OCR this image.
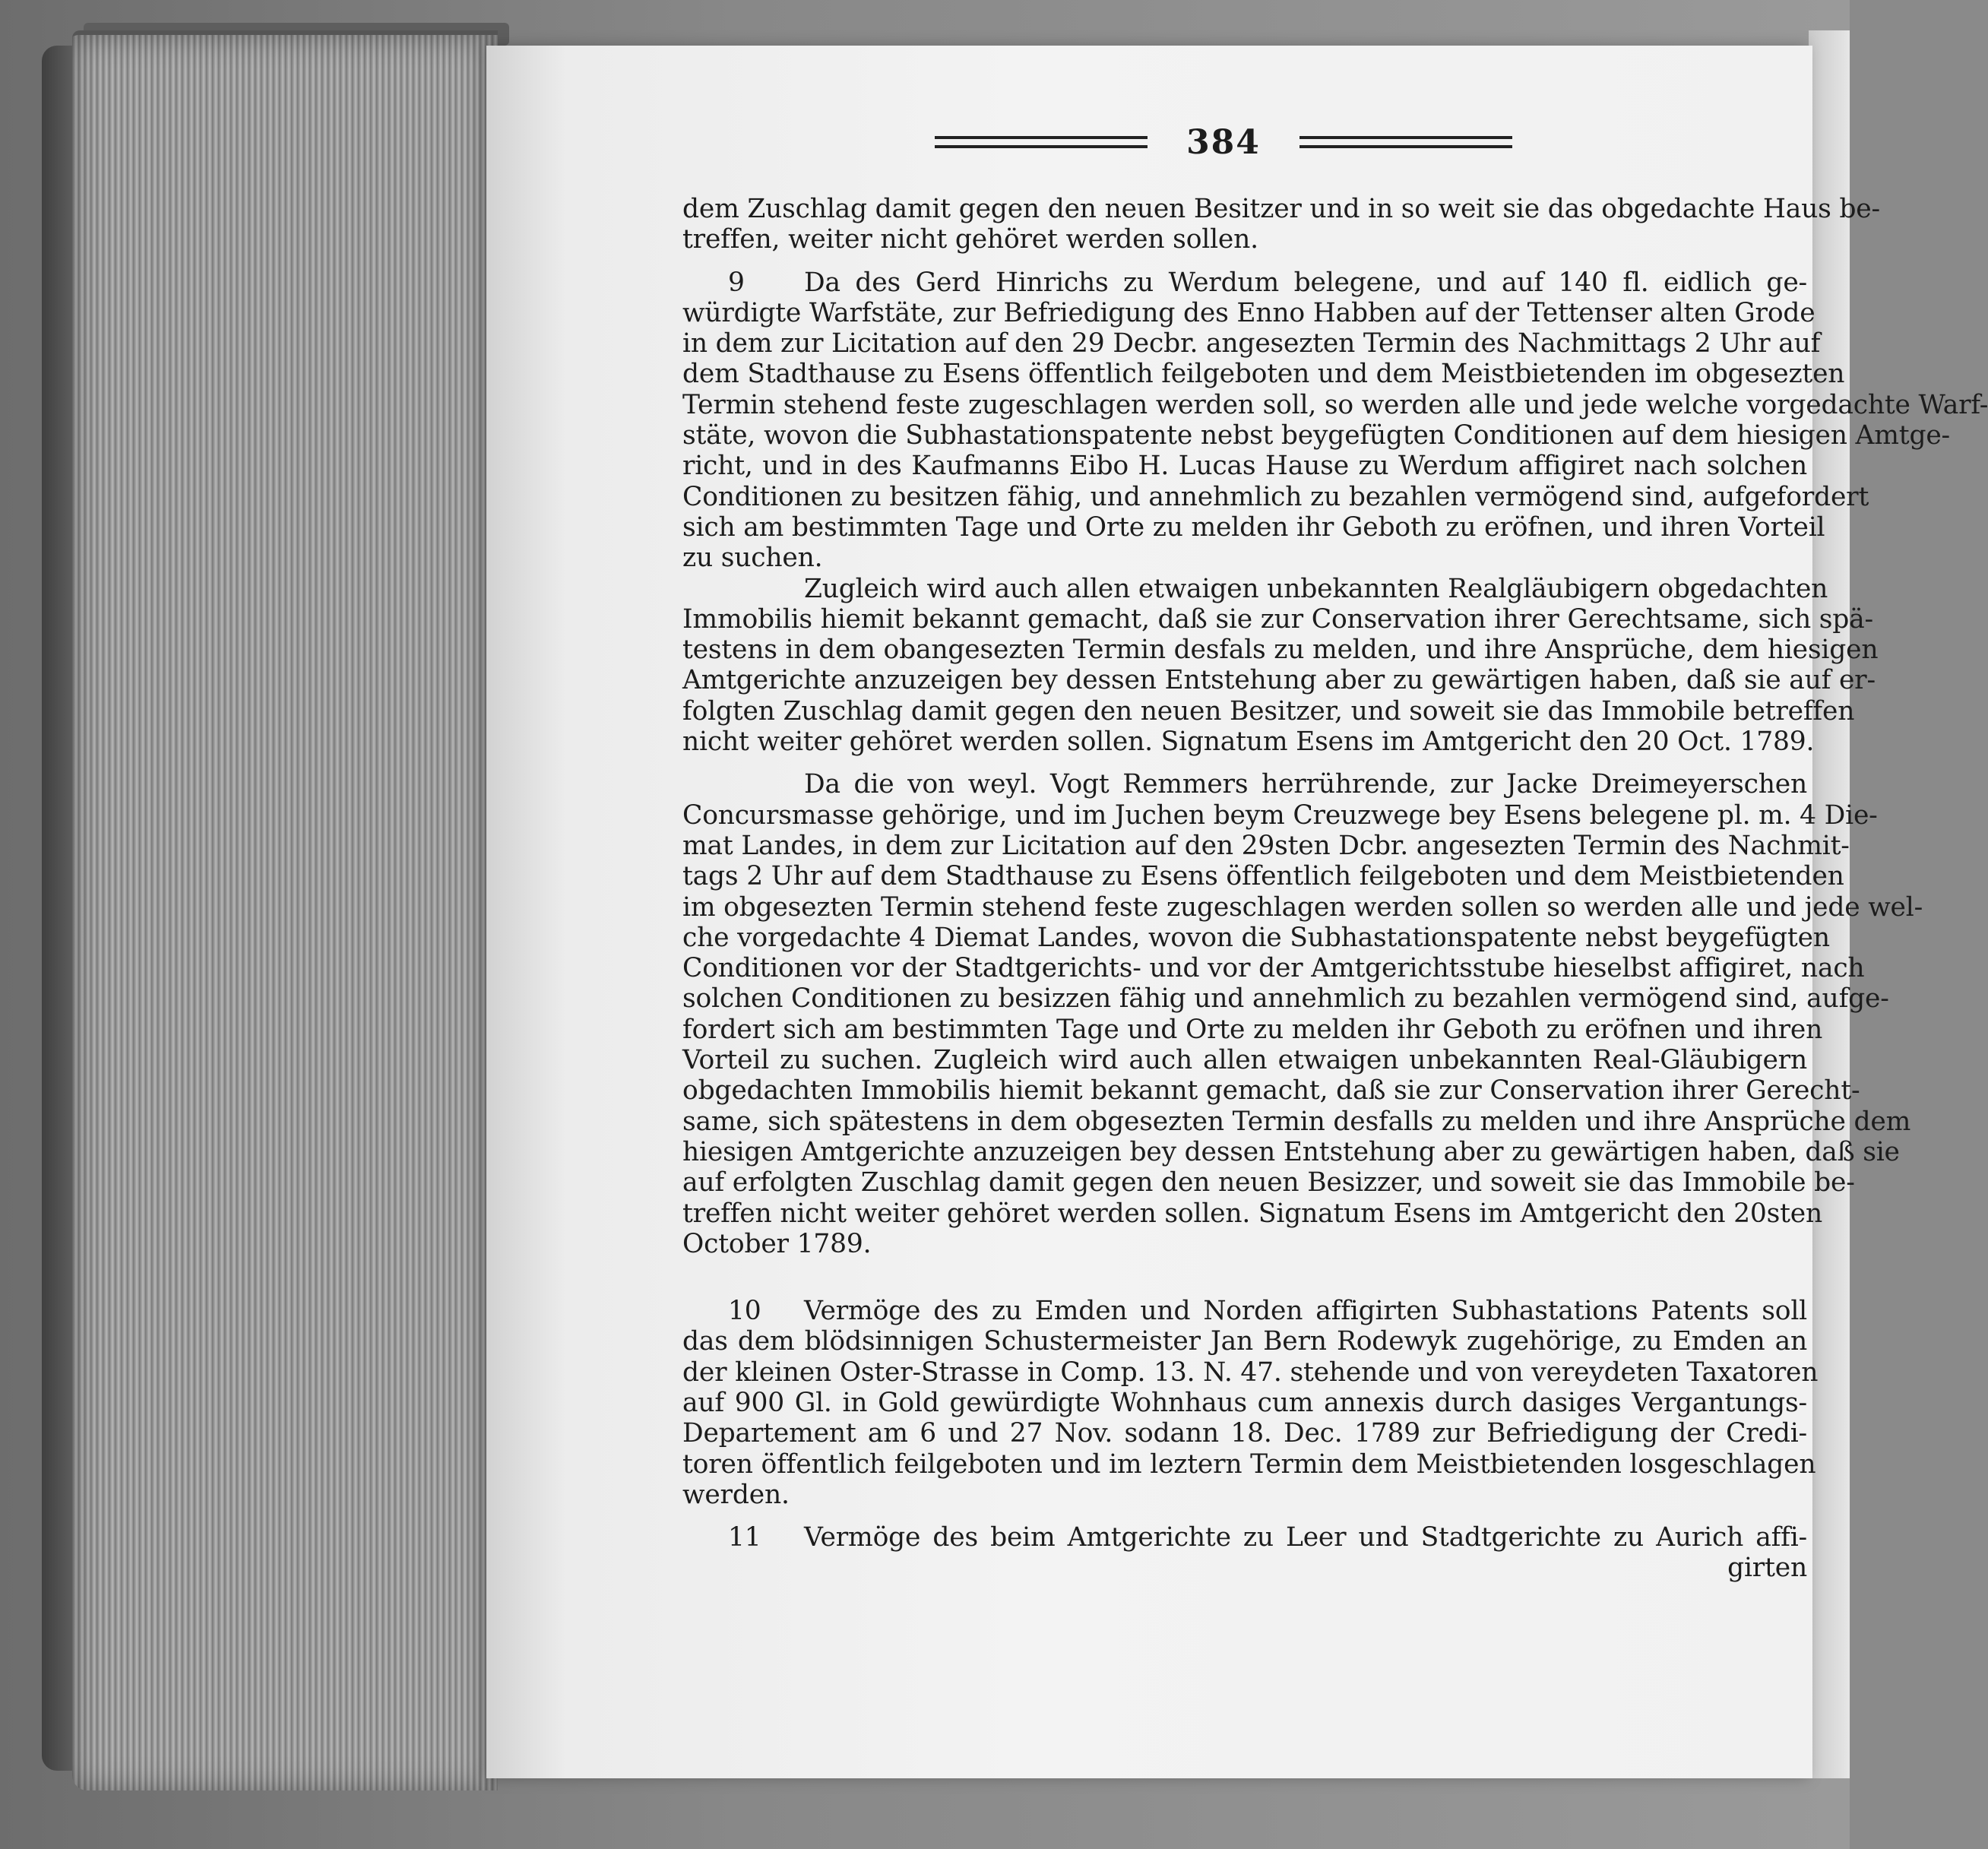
384
dem Zuschlag damit gegen den neuen Besitzer und in so weit sie das obgedachte Haus be-
treffen, weiter nicht gehöret werden sollen.
9 Da des Gerd Hinrichs zu Werdum belegene, und auf 140 fl. eidlich ge-
würdigte Warfstäte, zur Befriedigung des Enno Habben auf der Tettenser alten Grode
in dem zur Licitation auf den 29 Decbr. angesezten Termin des Nachmittags 2 Uhr auf
dem Stadthause zu Esens öffentlich feilgeboten und dem Meistbietenden im obgesezten
Termin stehend feste zugeschlagen werden soll, so werden alle und jede welche vorgedachte Warf-
stäte, wovon die Subhastationspatente nebst beygefügten Conditionen auf dem hiesigen Amtge-
richt, und in des Kaufmanns Eibo H. Lucas Hause zu Werdum affigiret nach solchen
Conditionen zu besitzen fähig, und annehmlich zu bezahlen vermögend sind, aufgefordert
sich am bestimmten Tage und Orte zu melden ihr Geboth zu eröfnen, und ihren Vorteil
zu suchen.
Zugleich wird auch allen etwaigen unbekannten Realgläubigern obgedachten
Immobilis hiemit bekannt gemacht, daß sie zur Conservation ihrer Gerechtsame, sich spä-
testens in dem obangesezten Termin desfals zu melden, und ihre Ansprüche, dem hiesigen
Amtgerichte anzuzeigen bey dessen Entstehung aber zu gewärtigen haben, daß sie auf er-
folgten Zuschlag damit gegen den neuen Besitzer, und soweit sie das Immobile betreffen
nicht weiter gehöret werden sollen. Signatum Esens im Amtgericht den 20 Oct. 1789.
Da die von weyl. Vogt Remmers herrührende, zur Jacke Dreimeyerschen
Concursmasse gehörige, und im Juchen beym Creuzwege bey Esens belegene pl. m. 4 Die-
mat Landes, in dem zur Licitation auf den 29sten Dcbr. angesezten Termin des Nachmit-
tags 2 Uhr auf dem Stadthause zu Esens öffentlich feilgeboten und dem Meistbietenden
im obgesezten Termin stehend feste zugeschlagen werden sollen so werden alle und jede wel-
che vorgedachte 4 Diemat Landes, wovon die Subhastationspatente nebst beygefügten
Conditionen vor der Stadtgerichts- und vor der Amtgerichtsstube hieselbst affigiret, nach
solchen Conditionen zu besizzen fähig und annehmlich zu bezahlen vermögend sind, aufge-
fordert sich am bestimmten Tage und Orte zu melden ihr Geboth zu eröfnen und ihren
Vorteil zu suchen. Zugleich wird auch allen etwaigen unbekannten Real-Gläubigern
obgedachten Immobilis hiemit bekannt gemacht, daß sie zur Conservation ihrer Gerecht-
same, sich spätestens in dem obgesezten Termin desfalls zu melden und ihre Ansprüche dem
hiesigen Amtgerichte anzuzeigen bey dessen Entstehung aber zu gewärtigen haben, daß sie
auf erfolgten Zuschlag damit gegen den neuen Besizzer, und soweit sie das Immobile be-
treffen nicht weiter gehöret werden sollen. Signatum Esens im Amtgericht den 20sten
October 1789.
10 Vermöge des zu Emden und Norden affigirten Subhastations Patents soll
das dem blödsinnigen Schustermeister Jan Bern Rodewyk zugehörige, zu Emden an
der kleinen Oster-Strasse in Comp. 13. N. 47. stehende und von vereydeten Taxatoren
auf 900 Gl. in Gold gewürdigte Wohnhaus cum annexis durch dasiges Vergantungs-
Departement am 6 und 27 Nov. sodann 18. Dec. 1789 zur Befriedigung der Credi-
toren öffentlich feilgeboten und im leztern Termin dem Meistbietenden losgeschlagen
werden.
11 Vermöge des beim Amtgerichte zu Leer und Stadtgerichte zu Aurich affi-
girten
